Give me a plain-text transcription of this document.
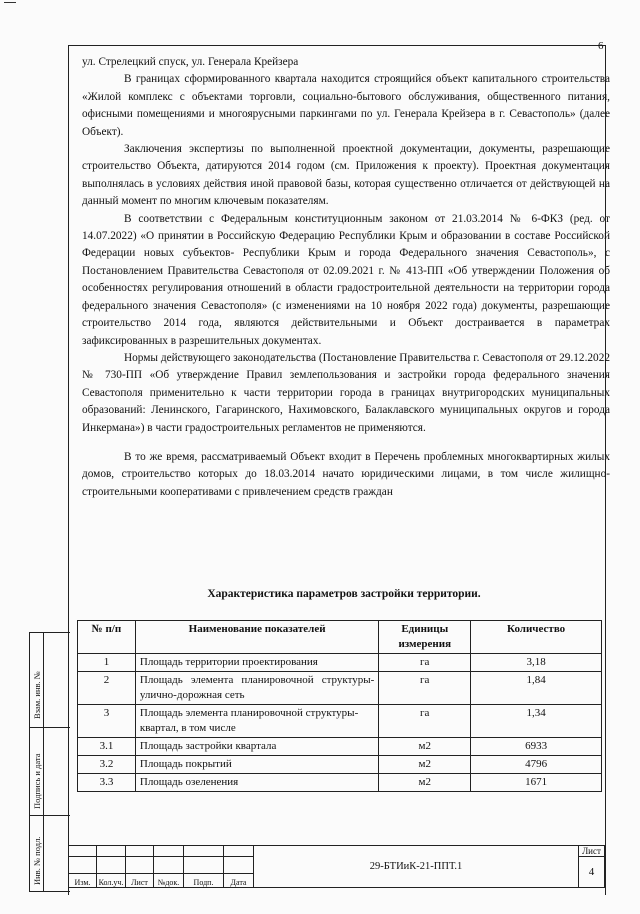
6

ул. Стрелецкий спуск, ул. Генерала Крейзера

В границах сформированного квартала находится строящийся объект капитального строительства «Жилой комплекс с объектами торговли, социально-бытового обслуживания, общественного питания, офисными помещениями и многоярусными паркингами по ул. Генерала Крейзера в г. Севастополь» (далее Объект).

Заключения экспертизы по выполненной проектной документации, документы, разрешающие строительство Объекта, датируются 2014 годом (см. Приложения к проекту). Проектная документация выполнялась в условиях действия иной правовой базы, которая существенно отличается от действующей на данный момент по многим ключевым показателям.

В соответствии с Федеральным конституционным законом от 21.03.2014 № 6-ФКЗ (ред. от 14.07.2022) «О принятии в Российскую Федерацию Республики Крым и образовании в составе Российской Федерации новых субъектов- Республики Крым и города Федерального значения Севастополь», с Постановлением Правительства Севастополя от 02.09.2021 г. № 413-ПП «Об утверждении Положения об особенностях регулирования отношений в области градостроительной деятельности на территории города федерального значения Севастополя» (с изменениями на 10 ноября 2022 года) документы, разрешающие строительство 2014 года, являются действительными и Объект достраивается в параметрах зафиксированных в разрешительных документах.

Нормы действующего законодательства (Постановление Правительства г. Севастополя от 29.12.2022 № 730-ПП «Об утверждение Правил землепользования и застройки города федерального значения Севастополя применительно к части территории города в границах внутригородских муниципальных образований: Ленинского, Гагаринского, Нахимовского, Балаклавского муниципальных округов и города Инкермана») в части градостроительных регламентов не применяются.

В то же время, рассматриваемый Объект входит в Перечень проблемных многоквартирных жилых домов, строительство которых до 18.03.2014 начато юридическими лицами, в том числе жилищно-строительными кооперативами с привлечением средств граждан

Характеристика параметров застройки территории.
№ п/п	Наименование показателей	Единицы измерения	Количество
1	Площадь территории проектирования	га	3,18
2	Площадь элемента планировочной структуры- улично-дорожная сеть	га	1,84
3	Площадь элемента планировочной структуры- квартал, в том числе	га	1,34
3.1	Площадь застройки квартала	м2	6933
3.2	Площадь покрытий	м2	4796
3.3	Площадь озеленения	м2	1671
Взам. инв. №
Подпись и дата
Инв. № подл.
							29-БТИиК-21-ППТ.1	Лист
							4
Изм.	Кол.уч.	Лист	№док.	Подп.	Дата		
